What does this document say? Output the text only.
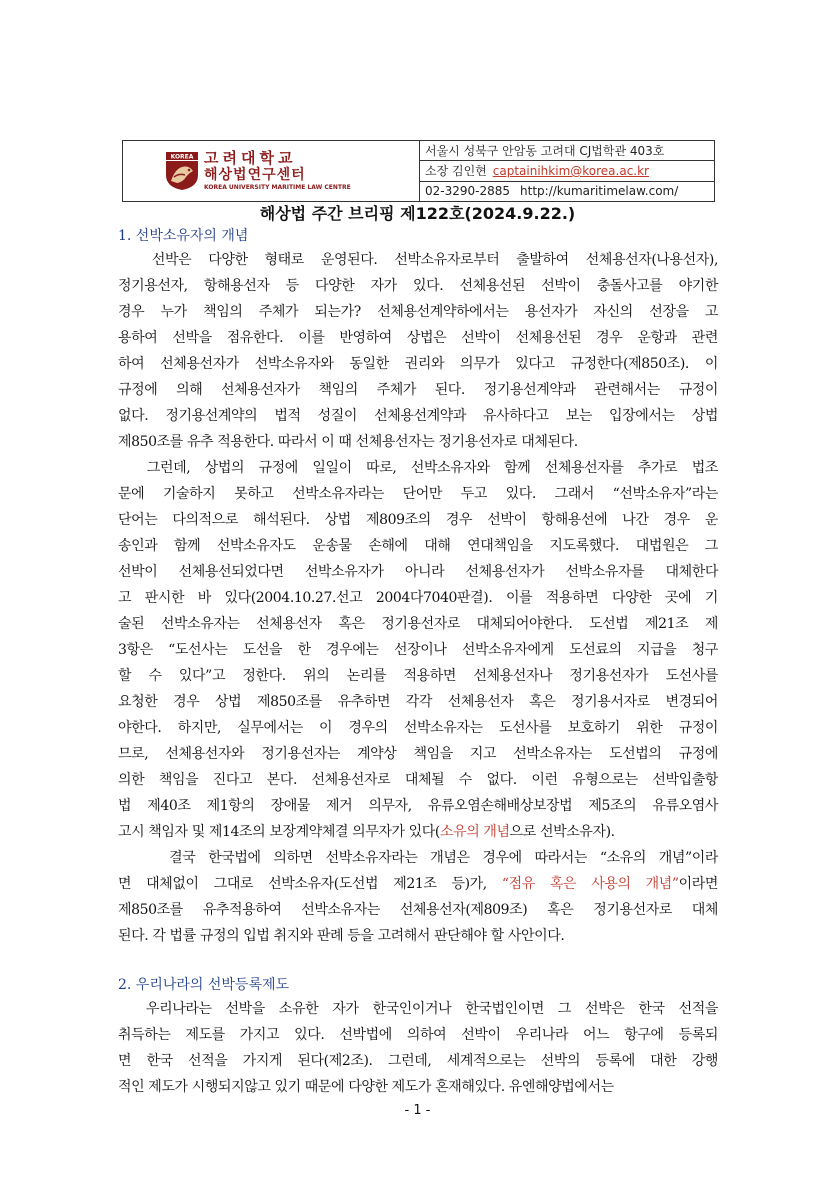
KOREA 고려대학교
해상법연구센터
KOREA UNIVERSITY MARITIME LAW CENTRE
서울시 성북구 안암동 고려대 CJ법학관 403호
소장 김인현 captainihkim@korea.ac.kr
02-3290-2885 http://kumaritimelaw.com/
해상법 주간 브리핑 제122호(2024.9.22.)
1. 선박소유자의 개념
선박은 다양한 형태로 운영된다. 선박소유자로부터 출발하여 선체용선자(나용선자),
정기용선자, 항해용선자 등 다양한 자가 있다. 선체용선된 선박이 충돌사고를 야기한
경우 누가 책임의 주체가 되는가? 선체용선계약하에서는 용선자가 자신의 선장을 고
용하여 선박을 점유한다. 이를 반영하여 상법은 선박이 선체용선된 경우 운항과 관련
하여 선체용선자가 선박소유자와 동일한 권리와 의무가 있다고 규정한다(제850조). 이
규정에 의해 선체용선자가 책임의 주체가 된다. 정기용선계약과 관련해서는 규정이
없다. 정기용선계약의 법적 성질이 선체용선계약과 유사하다고 보는 입장에서는 상법
제850조를 유추 적용한다. 따라서 이 때 선체용선자는 정기용선자로 대체된다.
그런데, 상법의 규정에 일일이 따로, 선박소유자와 함께 선체용선자를 추가로 법조
문에 기술하지 못하고 선박소유자라는 단어만 두고 있다. 그래서 “선박소유자”라는
단어는 다의적으로 해석된다. 상법 제809조의 경우 선박이 항해용선에 나간 경우 운
송인과 함께 선박소유자도 운송물 손해에 대해 연대책임을 지도록했다. 대법원은 그
선박이 선체용선되었다면 선박소유자가 아니라 선체용선자가 선박소유자를 대체한다
고 판시한 바 있다(2004.10.27.선고 2004다7040판결). 이를 적용하면 다양한 곳에 기
술된 선박소유자는 선체용선자 혹은 정기용선자로 대체되어야한다. 도선법 제21조 제
3항은 “도선사는 도선을 한 경우에는 선장이나 선박소유자에게 도선료의 지급을 청구
할 수 있다”고 정한다. 위의 논리를 적용하면 선체용선자나 정기용선자가 도선사를
요청한 경우 상법 제850조를 유추하면 각각 선체용선자 혹은 정기용서자로 변경되어
야한다. 하지만, 실무에서는 이 경우의 선박소유자는 도선사를 보호하기 위한 규정이
므로, 선체용선자와 정기용선자는 계약상 책임을 지고 선박소유자는 도선법의 규정에
의한 책임을 진다고 본다. 선체용선자로 대체될 수 없다. 이런 유형으로는 선박입출항
법 제40조 제1항의 장애물 제거 의무자, 유류오염손해배상보장법 제5조의 유류오염사
고시 책임자 및 제14조의 보장계약체결 의무자가 있다(소유의 개념으로 선박소유자).
결국 한국법에 의하면 선박소유자라는 개념은 경우에 따라서는 “소유의 개념”이라
면 대체없이 그대로 선박소유자(도선법 제21조 등)가, “점유 혹은 사용의 개념”이라면
제850조를 유추적용하여 선박소유자는 선체용선자(제809조) 혹은 정기용선자로 대체
된다. 각 법률 규정의 입법 취지와 판례 등을 고려해서 판단해야 할 사안이다.
2. 우리나라의 선박등록제도
우리나라는 선박을 소유한 자가 한국인이거나 한국법인이면 그 선박은 한국 선적을
취득하는 제도를 가지고 있다. 선박법에 의하여 선박이 우리나라 어느 항구에 등록되
면 한국 선적을 가지게 된다(제2조). 그런데, 세계적으로는 선박의 등록에 대한 강행
적인 제도가 시행되지않고 있기 때문에 다양한 제도가 혼재해있다. 유엔해양법에서는
- 1 -
